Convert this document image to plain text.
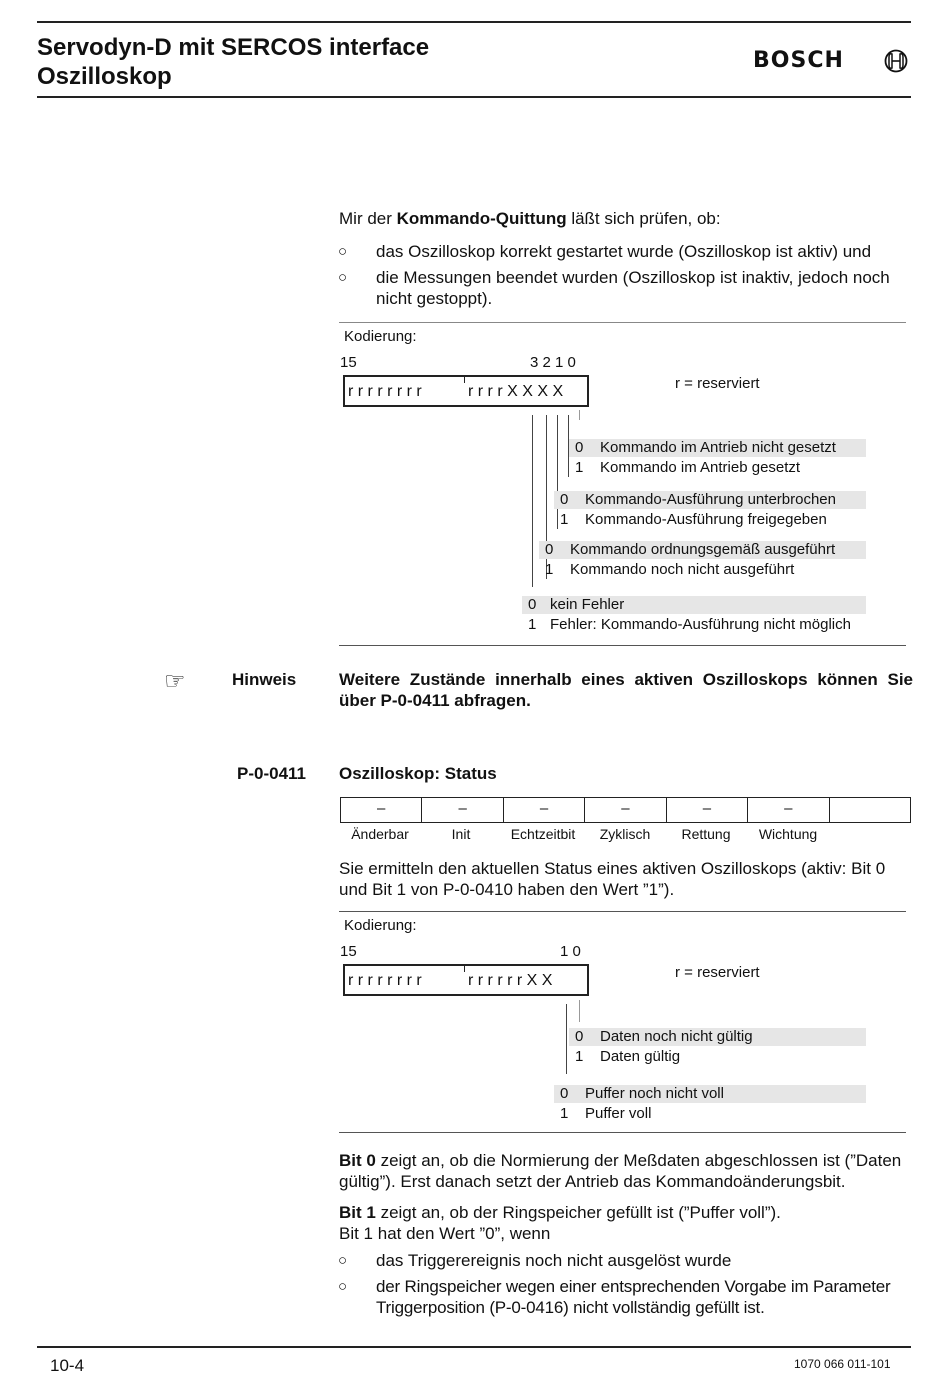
Servodyn-D mit SERCOS interface
Oszilloskop
BOSCH
Mir der Kommando-Quittung läßt sich prüfen, ob:
○ das Oszilloskop korrekt gestartet wurde (Oszilloskop ist aktiv) und
○ die Messungen beendet wurden (Oszilloskop ist inaktiv, jedoch noch nicht gestoppt).
Kodierung:
15	3 2 1 0
r r r r r r r r	r r r r X X X X	r = reserviert
0 Kommando im Antrieb nicht gesetzt
1 Kommando im Antrieb gesetzt
0 Kommando-Ausführung unterbrochen
1 Kommando-Ausführung freigegeben
0 Kommando ordnungsgemäß ausgeführt
1 Kommando noch nicht ausgeführt
0 kein Fehler
1 Fehler: Kommando-Ausführung nicht möglich
☞	Hinweis	Weitere Zustände innerhalb eines aktiven Oszilloskops können Sie über P-0-0411 abfragen.
P-0-0411 Oszilloskop: Status
–	–	–	–	–	–
Änderbar	Init	Echtzeitbit	Zyklisch	Rettung	Wichtung
Sie ermitteln den aktuellen Status eines aktiven Oszilloskops (aktiv: Bit 0 und Bit 1 von P-0-0410 haben den Wert ”1”).
Kodierung:
15	1 0
r r r r r r r r	r r r r r r X X	r = reserviert
0 Daten noch nicht gültig
1 Daten gültig
0 Puffer noch nicht voll
1 Puffer voll
Bit 0 zeigt an, ob die Normierung der Meßdaten abgeschlossen ist (”Daten gültig”). Erst danach setzt der Antrieb das Kommandoänderungsbit.
Bit 1 zeigt an, ob der Ringspeicher gefüllt ist (”Puffer voll”).
Bit 1 hat den Wert ”0”, wenn
○ das Triggerereignis noch nicht ausgelöst wurde
○ der Ringspeicher wegen einer entsprechenden Vorgabe im Parameter Triggerposition (P-0-0416) nicht vollständig gefüllt ist.
10-4	1070 066 011-101
